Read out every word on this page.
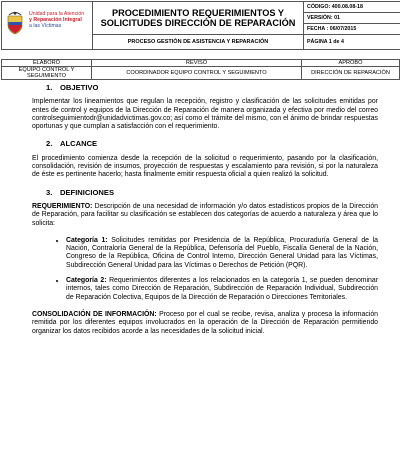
Unidad para la Atención
y Reparación Integral
a las Víctimas	PROCEDIMIENTO REQUERIMIENTOS Y SOLICITUDES DIRECCIÓN DE REPARACIÓN	CÓDIGO: 400.08.08-18
		VERSIÓN: 01
		FECHA : 06/07/2015
	PROCESO GESTIÓN DE ASISTENCIA Y REPARACIÓN	PÁGINA 1 de 4
ELABORÓ	REVISÓ	APROBÓ
EQUIPO CONTROL Y SEGUIMIENTO	COORDINADOR EQUIPO CONTROL Y SEGUIMIENTO	DIRECCIÓN DE REPARACIÓN
1. OBJETIVO

Implementar los lineamientos que regulan la recepción, registro y clasificación de las solicitudes emitidas por entes de control y equipos de la Dirección de Reparación de manera organizada y efectiva por medio del correo controlseguimientodr@unidadvictimas.gov.co; así como el trámite del mismo, con el ánimo de brindar respuestas oportunas y que cumplan a satisfacción con el requerimiento.

2. ALCANCE

El procedimiento comienza desde la recepción de la solicitud o requerimiento, pasando por la clasificación, consolidación, revisión de insumos, proyección de respuestas y escalamiento para revisión, si por la naturaleza de éste es pertinente hacerlo; hasta finalmente emitir respuesta oficial a quien realizó la solicitud.

3. DEFINICIONES

REQUERIMIENTO: Descripción de una necesidad de información y/o datos estadísticos propios de la Dirección de Reparación, para facilitar su clasificación se establecen dos categorías de acuerdo a naturaleza y área que lo solicita:

• Categoría 1: Solicitudes remitidas por Presidencia de la República, Procuraduría General de la Nación, Contraloría General de la República, Defensoría del Pueblo, Fiscalía General de la Nación, Congreso de la República, Oficina de Control Interno, Dirección General Unidad para las Víctimas, Subdirección General Unidad para las Víctimas o Derechos de Petición (PQR).
• Categoría 2: Requerimientos diferentes a los relacionados en la categoría 1, se pueden denominar internos, tales como Dirección de Reparación, Subdirección de Reparación Individual, Subdirección de Reparación Colectiva, Equipos de la Dirección de Reparación o Direcciones Territoriales.

CONSOLIDACIÓN DE INFORMACIÓN: Proceso por el cual se recibe, revisa, analiza y procesa la información remitida por los diferentes equipos involucrados en la operación de la Dirección de Reparación permitiendo organizar los datos recibidos acorde a las necesidades de la solicitud inicial.
